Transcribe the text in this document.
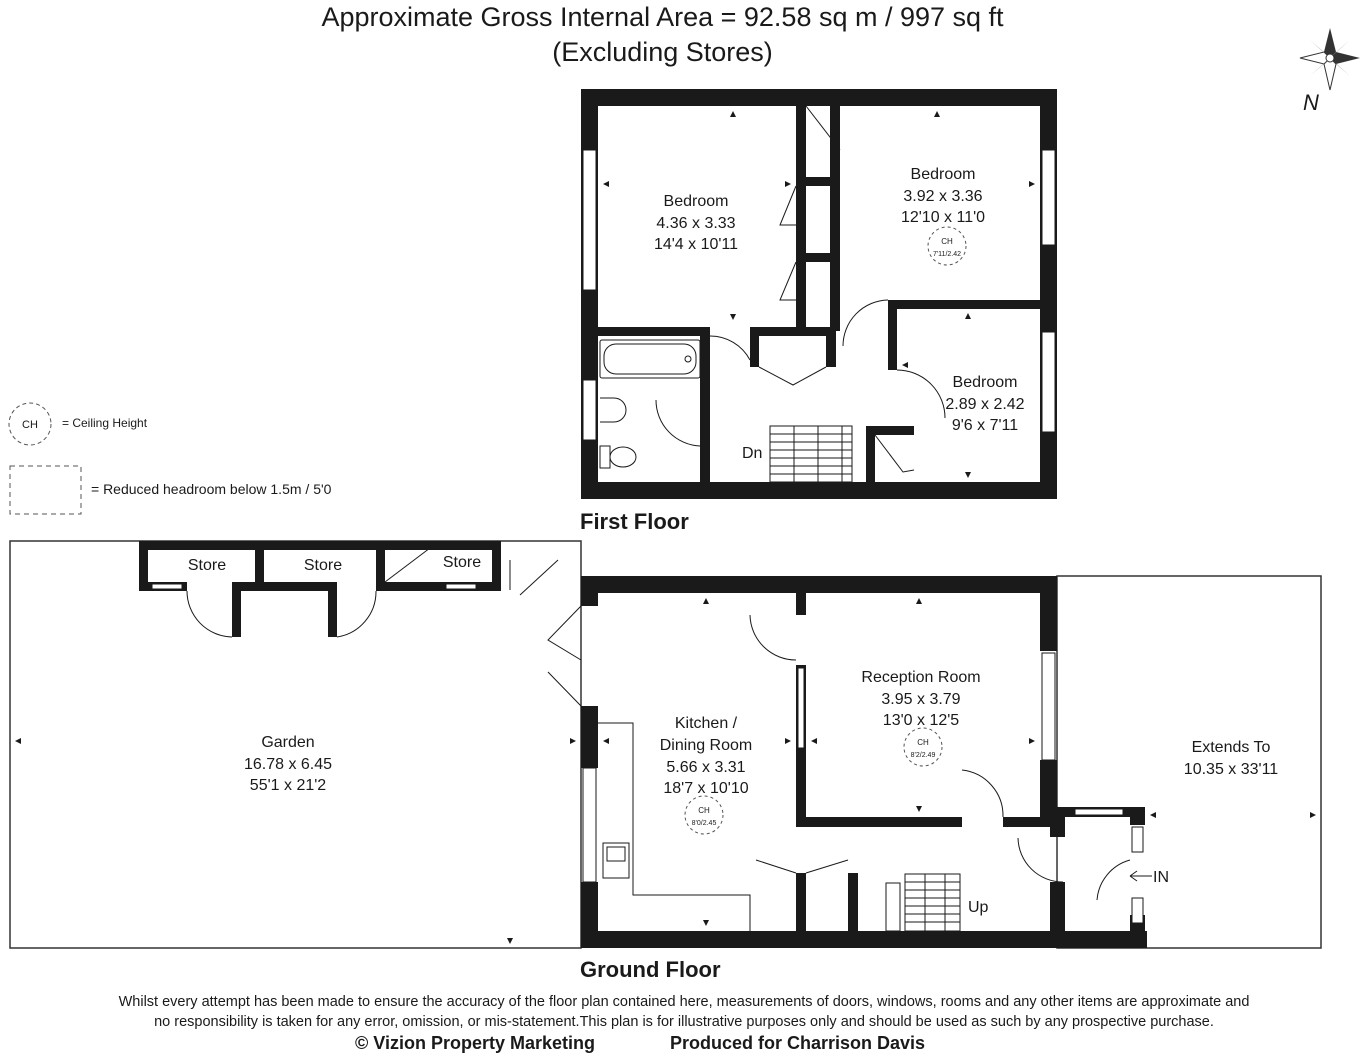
Approximate Gross Internal Area = 92.58 sq m / 997 sq ft
(Excluding Stores)
N
CH
Bedroom
4.36 x 3.33
14'4 x 10'11
Bedroom
3.92 x 3.36
12'10 x 11'0
CH
7'11/2.42
Bedroom
2.89 x 2.42
9'6 x 7'11
Dn
Store	Store	Store
Garden
16.78 x 6.45
55'1 x 21'2
Kitchen /
Dining Room
5.66 x 3.31
18'7 x 10'10
CH
8'0/2.45
Reception Room
3.95 x 3.79
13'0 x 12'5
CH
8'2/2.49	Extends To
10.35 x 33'11
Up
IN
= Ceiling Height
= Reduced headroom below 1.5m / 5'0
First Floor
Ground Floor
Whilst every attempt has been made to ensure the accuracy of the floor plan contained here, measurements of doors, windows, rooms and any other items are approximate and
no responsibility is taken for any error, omission, or mis-statement.This plan is for illustrative purposes only and should be used as such by any prospective purchase.
© Vizion Property Marketing	Produced for Charrison Davis
